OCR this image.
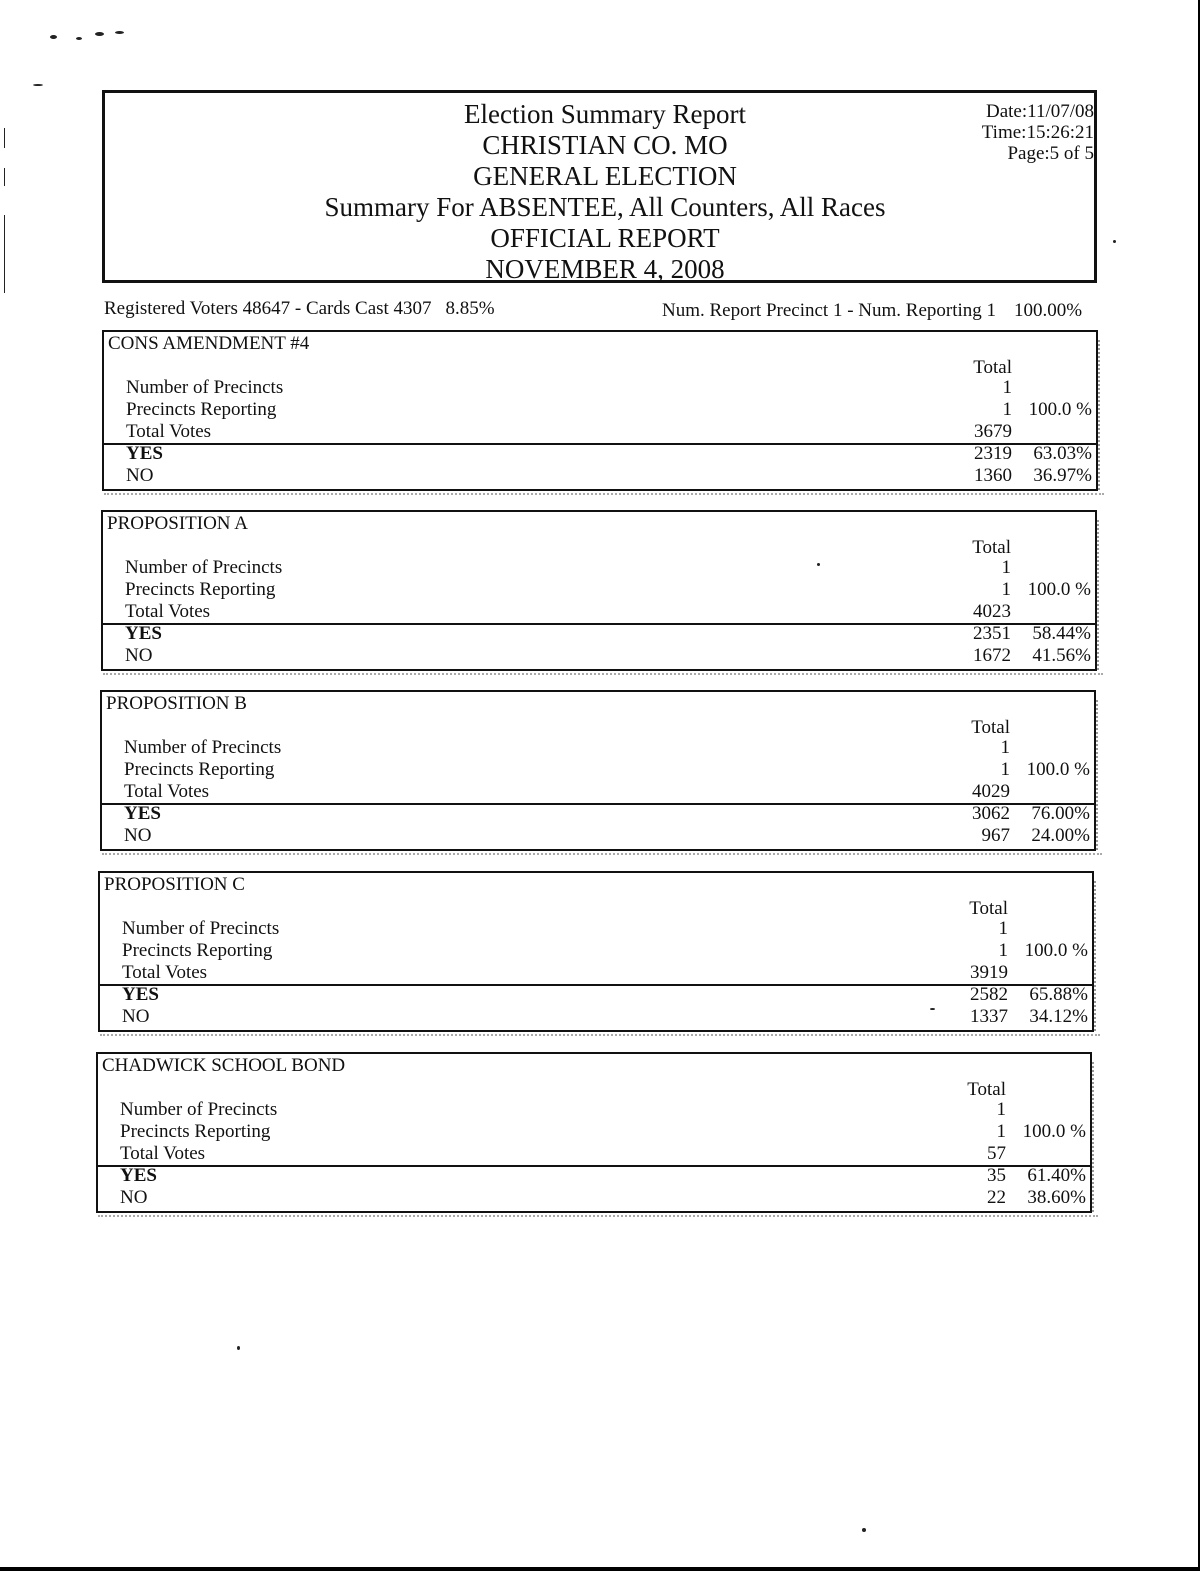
Election Summary Report
CHRISTIAN CO. MO
GENERAL ELECTION
Summary For ABSENTEE, All Counters, All Races
OFFICIAL REPORT
NOVEMBER 4, 2008
Date:11/07/08
Time:15:26:21
Page:5 of 5
Registered Voters 48647 - Cards Cast 4307 8.85%	Num. Report Precinct 1 - Num. Reporting 1 100.00%
CONS AMENDMENT #4
Total
Number of Precincts	1
Precincts Reporting	1 100.0 %
Total Votes	3679
YES	2319	63.03%
NO	1360	36.97%
PROPOSITION A
Total
Number of Precincts	1
Precincts Reporting	1 100.0 %
Total Votes	4023
YES	2351	58.44%
NO	1672	41.56%
PROPOSITION B
Total
Number of Precincts	1
Precincts Reporting	1 100.0 %
Total Votes	4029
YES	3062	76.00%
NO	967	24.00%
PROPOSITION C
Total
Number of Precincts	1
Precincts Reporting	1 100.0 %
Total Votes	3919
YES	2582	65.88%
NO	1337	34.12%
CHADWICK SCHOOL BOND
Total
Number of Precincts	1
Precincts Reporting	1 100.0 %
Total Votes	57
YES	35	61.40%
NO	22	38.60%
